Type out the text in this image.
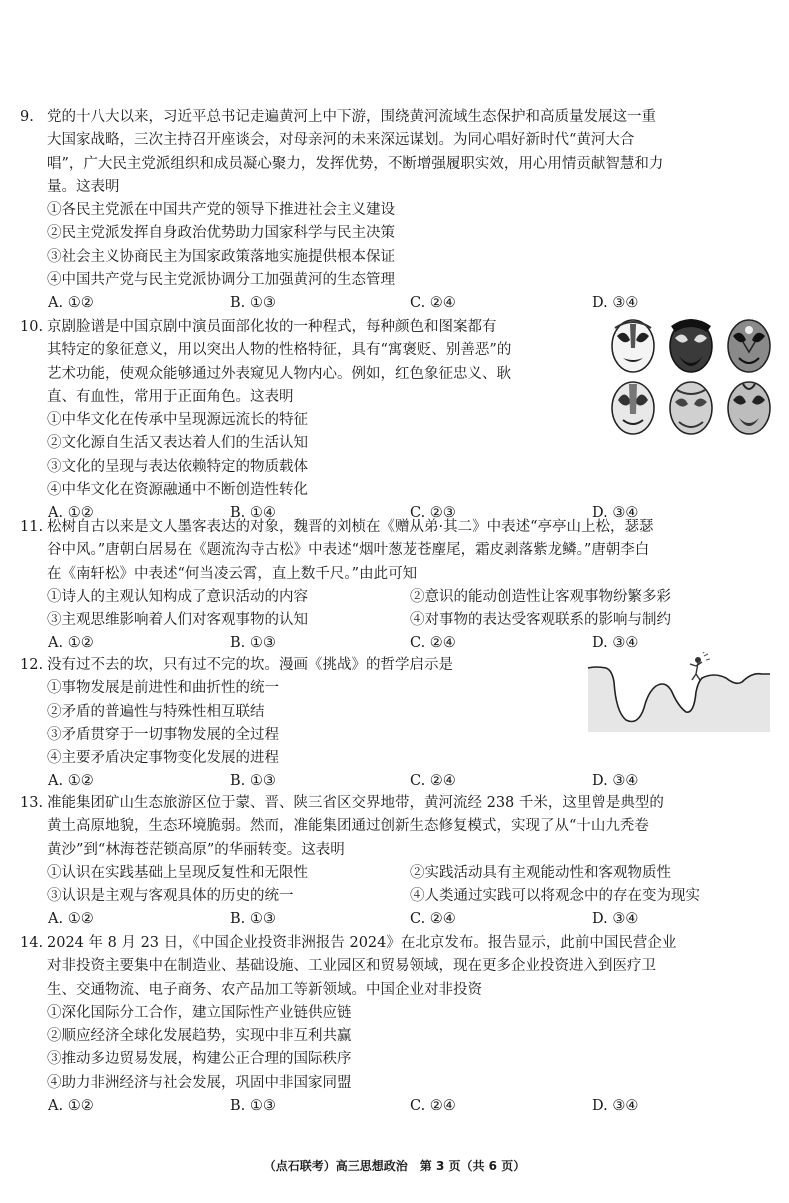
9. 党的十八大以来，习近平总书记走遍黄河上中下游，围绕黄河流域生态保护和高质量发展这一重
大国家战略，三次主持召开座谈会，对母亲河的未来深远谋划。为同心唱好新时代“黄河大合
唱”，广大民主党派组织和成员凝心聚力，发挥优势，不断增强履职实效，用心用情贡献智慧和力
量。这表明
①各民主党派在中国共产党的领导下推进社会主义建设
②民主党派发挥自身政治优势助力国家科学与民主决策
③社会主义协商民主为国家政策落地实施提供根本保证
④中国共产党与民主党派协调分工加强黄河的生态管理
A. ①②	B. ①③	C. ②④	D. ③④
10. 京剧脸谱是中国京剧中演员面部化妆的一种程式，每种颜色和图案都有
其特定的象征意义，用以突出人物的性格特征，具有“寓褒贬、别善恶”的
艺术功能，使观众能够通过外表窥见人物内心。例如，红色象征忠义、耿
直、有血性，常用于正面角色。这表明
①中华文化在传承中呈现源远流长的特征
②文化源自生活又表达着人们的生活认知
③文化的呈现与表达依赖特定的物质载体
④中华文化在资源融通中不断创造性转化
A. ①②	B. ①④	C. ②③	D. ③④
11. 松树自古以来是文人墨客表达的对象，魏晋的刘桢在《赠从弟·其二》中表述“亭亭山上松，瑟瑟
谷中风。”唐朝白居易在《题流沟寺古松》中表述“烟叶葱茏苍麈尾，霜皮剥落紫龙鳞。”唐朝李白
在《南轩松》中表述“何当凌云霄，直上数千尺。”由此可知
①诗人的主观认知构成了意识活动的内容	②意识的能动创造性让客观事物纷繁多彩
③主观思维影响着人们对客观事物的认知	④对事物的表达受客观联系的影响与制约
A. ①②	B. ①③	C. ②④	D. ③④
12. 没有过不去的坎，只有过不完的坎。漫画《挑战》的哲学启示是
①事物发展是前进性和曲折性的统一
②矛盾的普遍性与特殊性相互联结
③矛盾贯穿于一切事物发展的全过程
④主要矛盾决定事物变化发展的进程
A. ①②	B. ①③	C. ②④	D. ③④
13. 准能集团矿山生态旅游区位于蒙、晋、陕三省区交界地带，黄河流经 238 千米，这里曾是典型的
黄土高原地貌，生态环境脆弱。然而，准能集团通过创新生态修复模式，实现了从“十山九秃卷
黄沙”到“林海苍茫锁高原”的华丽转变。这表明
①认识在实践基础上呈现反复性和无限性	②实践活动具有主观能动性和客观物质性
③认识是主观与客观具体的历史的统一	④人类通过实践可以将观念中的存在变为现实
A. ①②	B. ①③	C. ②④	D. ③④
14. 2024 年 8 月 23 日，《中国企业投资非洲报告 2024》在北京发布。报告显示，此前中国民营企业
对非投资主要集中在制造业、基础设施、工业园区和贸易领域，现在更多企业投资进入到医疗卫
生、交通物流、电子商务、农产品加工等新领域。中国企业对非投资
①深化国际分工合作，建立国际性产业链供应链
②顺应经济全球化发展趋势，实现中非互利共赢
③推动多边贸易发展，构建公正合理的国际秩序
④助力非洲经济与社会发展，巩固中非国家同盟
A. ①②	B. ①③	C. ②④	D. ③④
（点石联考）高三思想政治　第 3 页（共 6 页）
